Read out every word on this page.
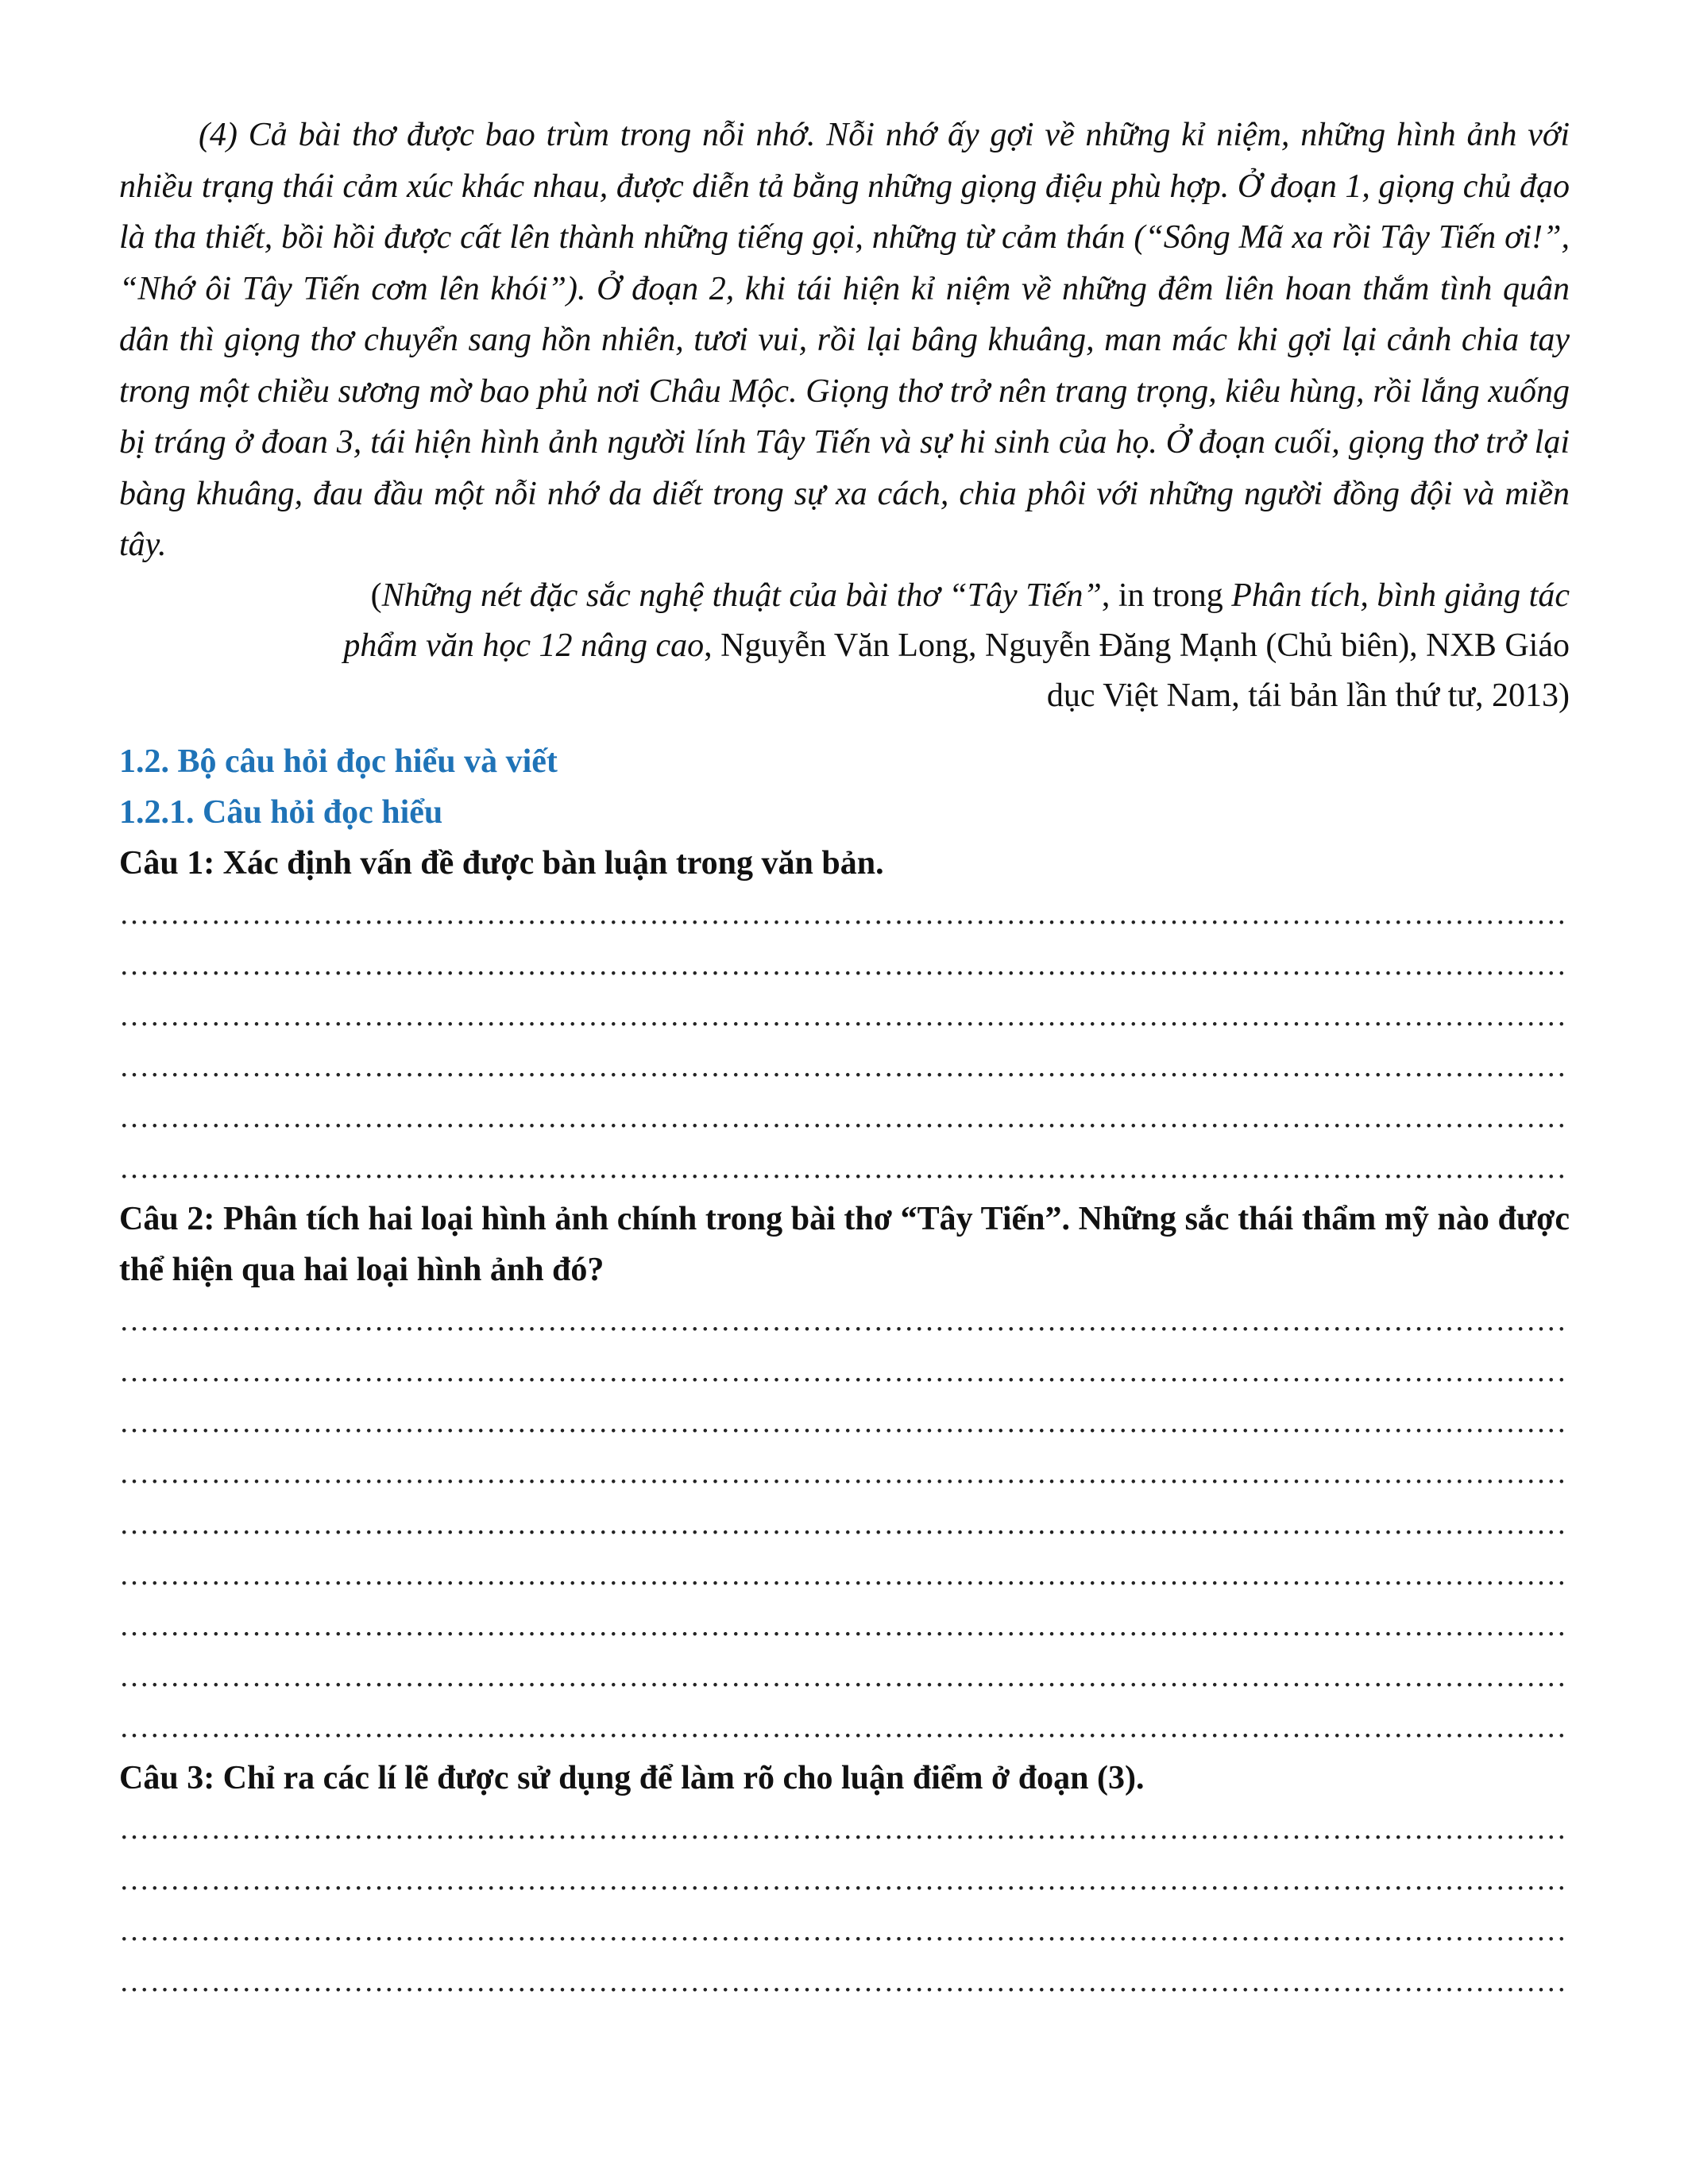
(4) Cả bài thơ được bao trùm trong nỗi nhớ. Nỗi nhớ ấy gợi về những kỉ niệm, những hình ảnh với nhiều trạng thái cảm xúc khác nhau, được diễn tả bằng những giọng điệu phù hợp. Ở đoạn 1, giọng chủ đạo là tha thiết, bồi hồi được cất lên thành những tiếng gọi, những từ cảm thán (“Sông Mã xa rồi Tây Tiến ơi!”, “Nhớ ôi Tây Tiến cơm lên khói”). Ở đoạn 2, khi tái hiện kỉ niệm về những đêm liên hoan thắm tình quân dân thì giọng thơ chuyển sang hồn nhiên, tươi vui, rồi lại bâng khuâng, man mác khi gợi lại cảnh chia tay trong một chiều sương mờ bao phủ nơi Châu Mộc. Giọng thơ trở nên trang trọng, kiêu hùng, rồi lắng xuống bị tráng ở đoan 3, tái hiện hình ảnh người lính Tây Tiến và sự hi sinh của họ. Ở đoạn cuối, giọng thơ trở lại bàng khuâng, đau đầu một nỗi nhớ da diết trong sự xa cách, chia phôi với những người đồng đội và miền tây.

(Những nét đặc sắc nghệ thuật của bài thơ “Tây Tiến”, in trong Phân tích, bình giảng tác

phẩm văn học 12 nâng cao, Nguyễn Văn Long, Nguyễn Đăng Mạnh (Chủ biên), NXB Giáo

dục Việt Nam, tái bản lần thứ tư, 2013)

1.2. Bộ câu hỏi đọc hiểu và viết

1.2.1. Câu hỏi đọc hiểu

Câu 1: Xác định vấn đề được bàn luận trong văn bản.

……………………………………………………………………………………………………………………………………………………………………………………
……………………………………………………………………………………………………………………………………………………………………………………
……………………………………………………………………………………………………………………………………………………………………………………
……………………………………………………………………………………………………………………………………………………………………………………
……………………………………………………………………………………………………………………………………………………………………………………
……………………………………………………………………………………………………………………………………………………………………………………

Câu 2: Phân tích hai loại hình ảnh chính trong bài thơ “Tây Tiến”. Những sắc thái thẩm mỹ nào được thể hiện qua hai loại hình ảnh đó?

……………………………………………………………………………………………………………………………………………………………………………………
……………………………………………………………………………………………………………………………………………………………………………………
……………………………………………………………………………………………………………………………………………………………………………………
……………………………………………………………………………………………………………………………………………………………………………………
……………………………………………………………………………………………………………………………………………………………………………………
……………………………………………………………………………………………………………………………………………………………………………………
……………………………………………………………………………………………………………………………………………………………………………………
……………………………………………………………………………………………………………………………………………………………………………………
……………………………………………………………………………………………………………………………………………………………………………………

Câu 3: Chỉ ra các lí lẽ được sử dụng để làm rõ cho luận điểm ở đoạn (3).

……………………………………………………………………………………………………………………………………………………………………………………
……………………………………………………………………………………………………………………………………………………………………………………
……………………………………………………………………………………………………………………………………………………………………………………
……………………………………………………………………………………………………………………………………………………………………………………
